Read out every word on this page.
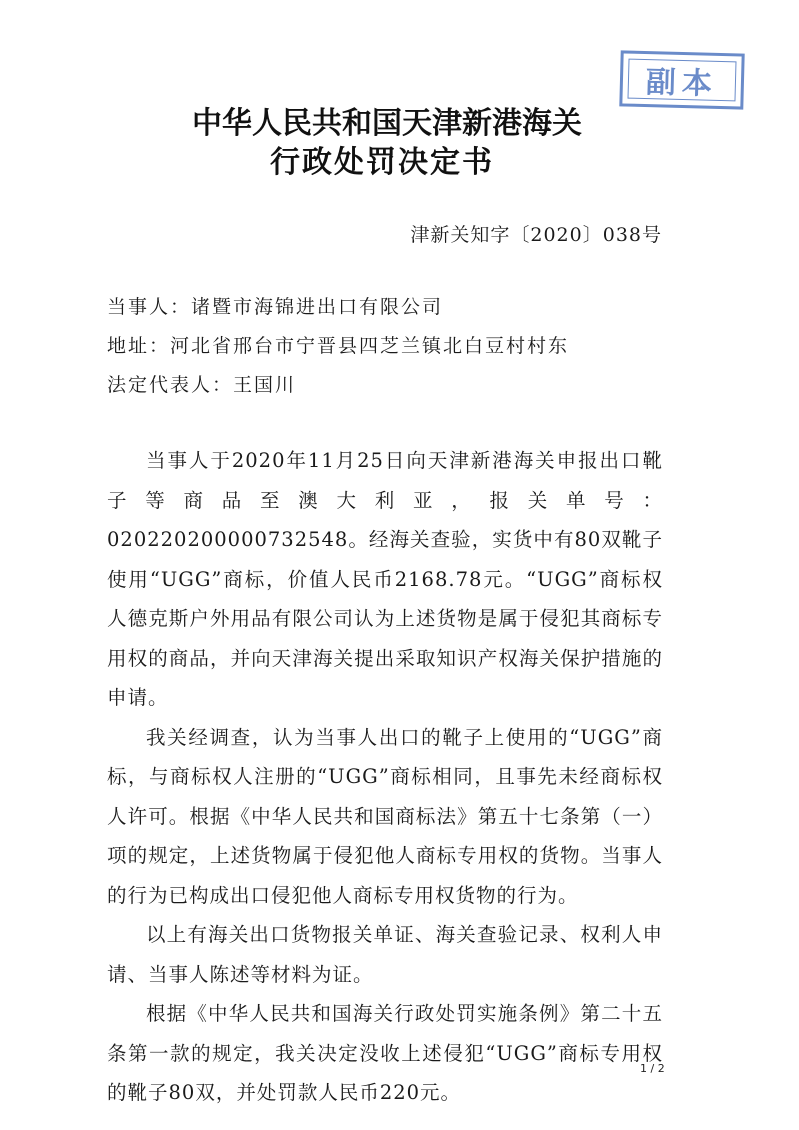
副本
中华人民共和国天津新港海关
行政处罚决定书
津新关知字〔2020〕038号
当事人：诸暨市海锦进出口有限公司
地址：河北省邢台市宁晋县四芝兰镇北白豆村村东
法定代表人：王国川

当事人于2020年11月25日向天津新港海关申报出口靴子等商品至澳大利亚，报关单号：020220200000732548。经海关查验，实货中有80双靴子使用“UGG”商标，价值人民币2168.78元。“UGG”商标权人德克斯户外用品有限公司认为上述货物是属于侵犯其商标专用权的商品，并向天津海关提出采取知识产权海关保护措施的申请。

我关经调查，认为当事人出口的靴子上使用的“UGG”商标，与商标权人注册的“UGG”商标相同，且事先未经商标权人许可。根据《中华人民共和国商标法》第五十七条第（一）项的规定，上述货物属于侵犯他人商标专用权的货物。当事人的行为已构成出口侵犯他人商标专用权货物的行为。

以上有海关出口货物报关单证、海关查验记录、权利人申请、当事人陈述等材料为证。

根据《中华人民共和国海关行政处罚实施条例》第二十五条第一款的规定，我关决定没收上述侵犯“UGG”商标专用权的靴子80双，并处罚款人民币220元。

1 / 2
